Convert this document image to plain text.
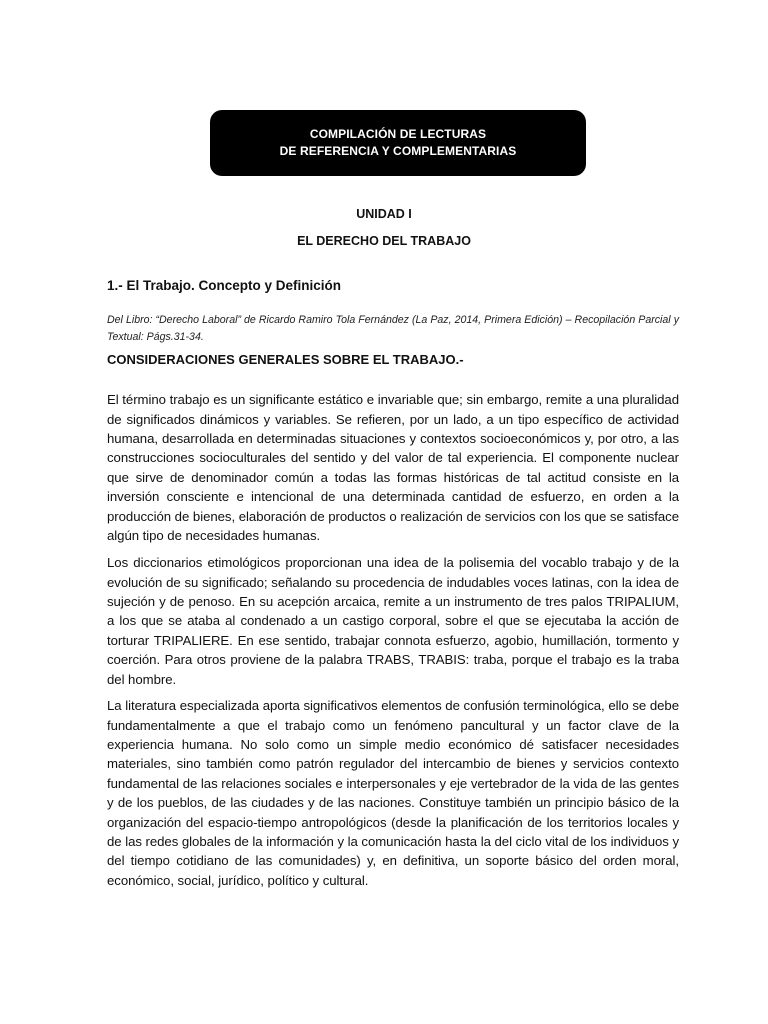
COMPILACIÓN DE LECTURAS
DE REFERENCIA Y COMPLEMENTARIAS
UNIDAD I
EL DERECHO DEL TRABAJO
1.- El Trabajo. Concepto y Definición
Del Libro: “Derecho Laboral” de Ricardo Ramiro Tola Fernández (La Paz, 2014, Primera Edición) – Recopilación Parcial y Textual: Págs.31-34.
CONSIDERACIONES GENERALES SOBRE EL TRABAJO.-

El término trabajo es un significante estático e invariable que; sin embargo, remite a una pluralidad de significados dinámicos y variables. Se refieren, por un lado, a un tipo específico de actividad humana, desarrollada en determinadas situaciones y contextos socioeconómicos y, por otro, a las construcciones socioculturales del sentido y del valor de tal experiencia. El componente nuclear que sirve de denominador común a todas las formas históricas de tal actitud consiste en la inversión consciente e intencional de una determinada cantidad de esfuerzo, en orden a la producción de bienes, elaboración de productos o realización de servicios con los que se satisface algún tipo de necesidades humanas.

Los diccionarios etimológicos proporcionan una idea de la polisemia del vocablo trabajo y de la evolución de su significado; señalando su procedencia de indudables voces latinas, con la idea de sujeción y de penoso. En su acepción arcaica, remite a un instrumento de tres palos TRIPALIUM, a los que se ataba al condenado a un castigo corporal, sobre el que se ejecutaba la acción de torturar TRIPALIERE. En ese sentido, trabajar connota esfuerzo, agobio, humillación, tormento y coerción. Para otros proviene de la palabra TRABS, TRABIS: traba, porque el trabajo es la traba del hombre.

La literatura especializada aporta significativos elementos de confusión terminológica, ello se debe fundamentalmente a que el trabajo como un fenómeno pancultural y un factor clave de la experiencia humana. No solo como un simple medio económico dé satisfacer necesidades materiales, sino también como patrón regulador del intercambio de bienes y servicios contexto fundamental de las relaciones sociales e interpersonales y eje vertebrador de la vida de las gentes y de los pueblos, de las ciudades y de las naciones. Constituye también un principio básico de la organización del espacio-tiempo antropológicos (desde la planificación de los territorios locales y de las redes globales de la información y la comunicación hasta la del ciclo vital de los individuos y del tiempo cotidiano de las comunidades) y, en definitiva, un soporte básico del orden moral, económico, social, jurídico, político y cultural.
